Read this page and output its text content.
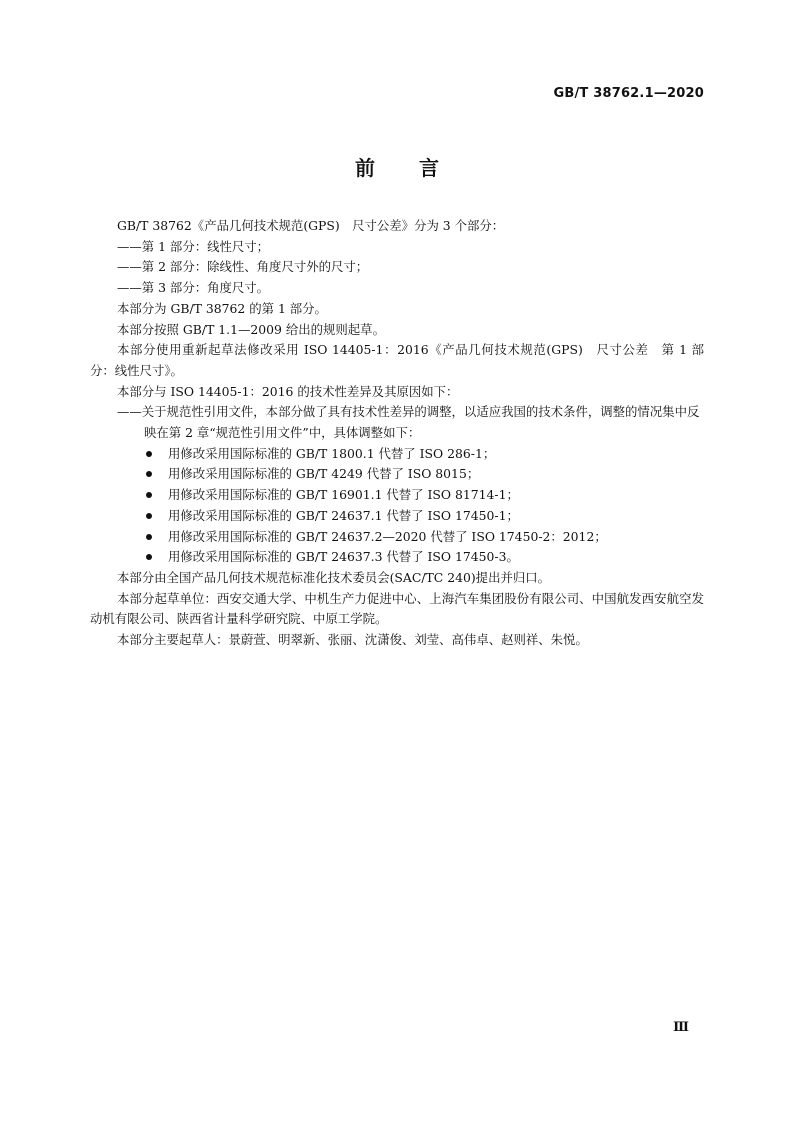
GB/T 38762.1—2020
前言

GB/T 38762《产品几何技术规范(GPS)　尺寸公差》分为 3 个部分：

——第 1 部分：线性尺寸；

——第 2 部分：除线性、角度尺寸外的尺寸；

——第 3 部分：角度尺寸。

本部分为 GB/T 38762 的第 1 部分。

本部分按照 GB/T 1.1—2009 给出的规则起草。

本部分使用重新起草法修改采用 ISO 14405-1：2016《产品几何技术规范(GPS)　尺寸公差　第 1 部分：线性尺寸》。

本部分与 ISO 14405-1：2016 的技术性差异及其原因如下：

——关于规范性引用文件，本部分做了具有技术性差异的调整，以适应我国的技术条件，调整的情况集中反映在第 2 章“规范性引用文件”中，具体调整如下：

用修改采用国际标准的 GB/T 1800.1 代替了 ISO 286-1；

用修改采用国际标准的 GB/T 4249 代替了 ISO 8015；

用修改采用国际标准的 GB/T 16901.1 代替了 ISO 81714-1；

用修改采用国际标准的 GB/T 24637.1 代替了 ISO 17450-1；

用修改采用国际标准的 GB/T 24637.2—2020 代替了 ISO 17450-2：2012；

用修改采用国际标准的 GB/T 24637.3 代替了 ISO 17450-3。

本部分由全国产品几何技术规范标准化技术委员会(SAC/TC 240)提出并归口。

本部分起草单位：西安交通大学、中机生产力促进中心、上海汽车集团股份有限公司、中国航发西安航空发动机有限公司、陕西省计量科学研究院、中原工学院。

本部分主要起草人：景蔚萱、明翠新、张丽、沈潇俊、刘莹、高伟卓、赵则祥、朱悦。

Ⅲ
